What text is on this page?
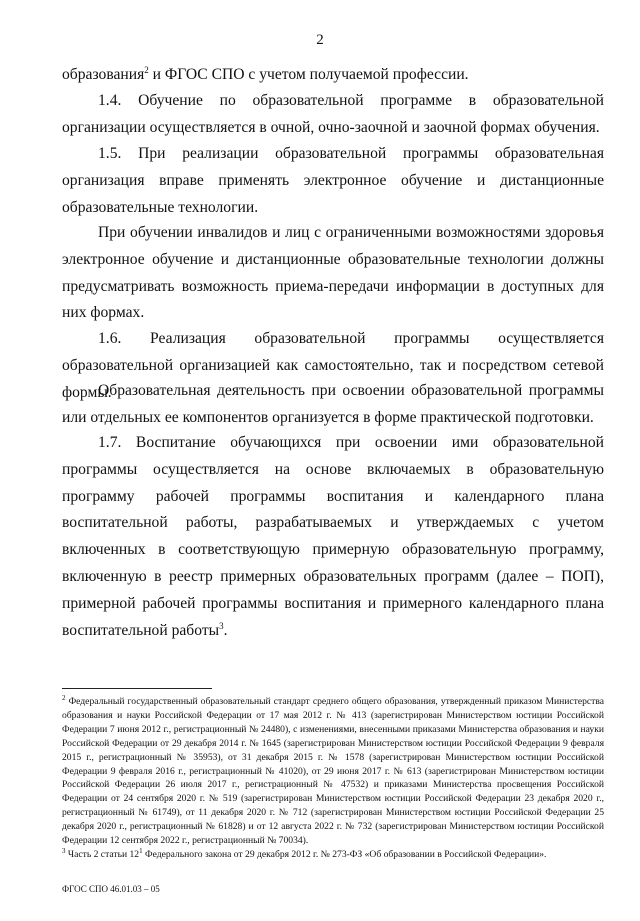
2

образования$^2$ и ФГОС СПО с учетом получаемой профессии.

1.4. Обучение по образовательной программе в образовательной организации осуществляется в очной, очно-заочной и заочной формах обучения.

1.5. При реализации образовательной программы образовательная организация вправе применять электронное обучение и дистанционные образовательные технологии.

При обучении инвалидов и лиц с ограниченными возможностями здоровья электронное обучение и дистанционные образовательные технологии должны предусматривать возможность приема-передачи информации в доступных для них формах.

1.6. Реализация образовательной программы осуществляется образовательной организацией как самостоятельно, так и посредством сетевой формы.

Образовательная деятельность при освоении образовательной программы или отдельных ее компонентов организуется в форме практической подготовки.

1.7. Воспитание обучающихся при освоении ими образовательной программы осуществляется на основе включаемых в образовательную программу рабочей программы воспитания и календарного плана воспитательной работы, разрабатываемых и утверждаемых с учетом включенных в соответствующую примерную образовательную программу, включенную в реестр примерных образовательных программ (далее – ПОП), примерной рабочей программы воспитания и примерного календарного плана воспитательной работы$^3$.

$^2$ Федеральный государственный образовательный стандарт среднего общего образования, утвержденный приказом Министерства образования и науки Российской Федерации от 17 мая 2012 г. № 413 (зарегистрирован Министерством юстиции Российской Федерации 7 июня 2012 г., регистрационный № 24480), с изменениями, внесенными приказами Министерства образования и науки Российской Федерации от 29 декабря 2014 г. № 1645 (зарегистрирован Министерством юстиции Российской Федерации 9 февраля 2015 г., регистрационный № 35953), от 31 декабря 2015 г. № 1578 (зарегистрирован Министерством юстиции Российской Федерации 9 февраля 2016 г., регистрационный № 41020), от 29 июня 2017 г. № 613 (зарегистрирован Министерством юстиции Российской Федерации 26 июля 2017 г., регистрационный № 47532) и приказами Министерства просвещения Российской Федерации от 24 сентября 2020 г. № 519 (зарегистрирован Министерством юстиции Российской Федерации 23 декабря 2020 г., регистрационный № 61749), от 11 декабря 2020 г. № 712 (зарегистрирован Министерством юстиции Российской Федерации 25 декабря 2020 г., регистрационный № 61828) и от 12 августа 2022 г. № 732 (зарегистрирован Министерством юстиции Российской Федерации 12 сентября 2022 г., регистрационный № 70034).

$^3$ Часть 2 статьи $12^1$ Федерального закона от 29 декабря 2012 г. № 273-ФЗ «Об образовании в Российской Федерации».

ФГОС СПО 46.01.03 – 05
